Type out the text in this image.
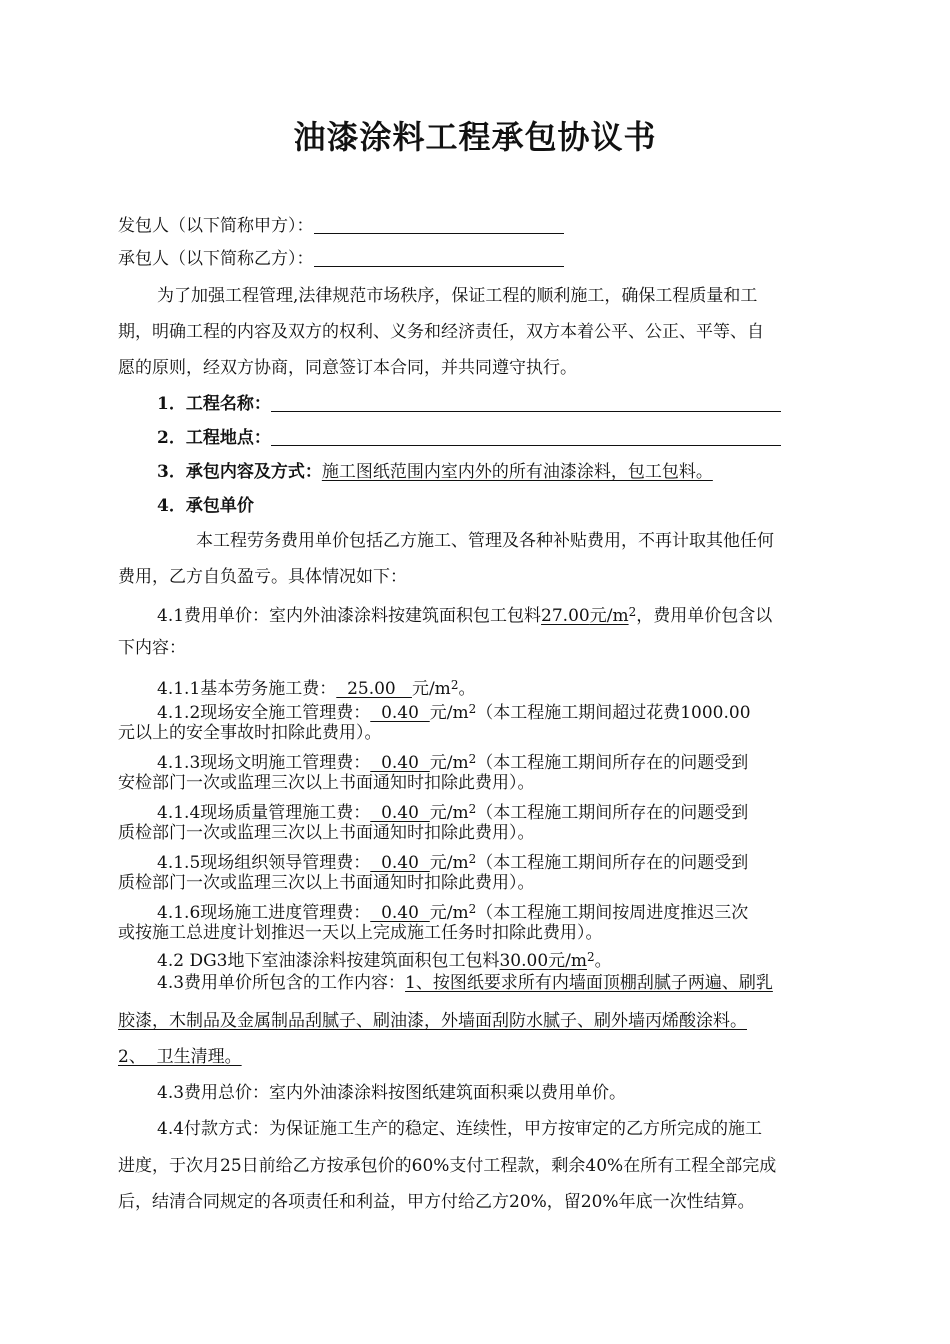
油漆涂料工程承包协议书
发包人（以下简称甲方）：
承包人（以下简称乙方）：
为了加强工程管理,法律规范市场秩序，保证工程的顺利施工，确保工程质量和工
期，明确工程的内容及双方的权利、义务和经济责任，双方本着公平、公正、平等、自
愿的原则，经双方协商，同意签订本合同，并共同遵守执行。
1．工程名称：
2．工程地点：
3．承包内容及方式：施工图纸范围内室内外的所有油漆涂料，包工包料。
4．承包单价
本工程劳务费用单价包括乙方施工、管理及各种补贴费用，不再计取其他任何
费用，乙方自负盈亏。具体情况如下：
4.1费用单价：室内外油漆涂料按建筑面积包工包料27.00元$/m^2$，费用单价包含以
下内容：
4.1.1基本劳务施工费：  25.00   元$/m^2$。
4.1.2现场安全施工管理费：  0.40  元$/m^2$（本工程施工期间超过花费1000.00
元以上的安全事故时扣除此费用）。
4.1.3现场文明施工管理费：  0.40  元$/m^2$（本工程施工期间所存在的问题受到
安检部门一次或监理三次以上书面通知时扣除此费用）。
4.1.4现场质量管理施工费：  0.40  元$/m^2$（本工程施工期间所存在的问题受到
质检部门一次或监理三次以上书面通知时扣除此费用）。
4.1.5现场组织领导管理费：  0.40  元$/m^2$（本工程施工期间所存在的问题受到
质检部门一次或监理三次以上书面通知时扣除此费用）。
4.1.6现场施工进度管理费：  0.40  元$/m^2$（本工程施工期间按周进度推迟三次
或按施工总进度计划推迟一天以上完成施工任务时扣除此费用）。
4.2 DG3地下室油漆涂料按建筑面积包工包料30.00元$/m^2$。
4.3费用单价所包含的工作内容：1、按图纸要求所有内墙面顶棚刮腻子两遍、刷乳
胶漆，木制品及金属制品刮腻子、刷油漆，外墙面刮防水腻子、刷外墙丙烯酸涂料。
2、  卫生清理。
4.3费用总价：室内外油漆涂料按图纸建筑面积乘以费用单价。
4.4付款方式：为保证施工生产的稳定、连续性，甲方按审定的乙方所完成的施工
进度，于次月25日前给乙方按承包价的60%支付工程款，剩余40%在所有工程全部完成
后，结清合同规定的各项责任和利益，甲方付给乙方20%，留20%年底一次性结算。
